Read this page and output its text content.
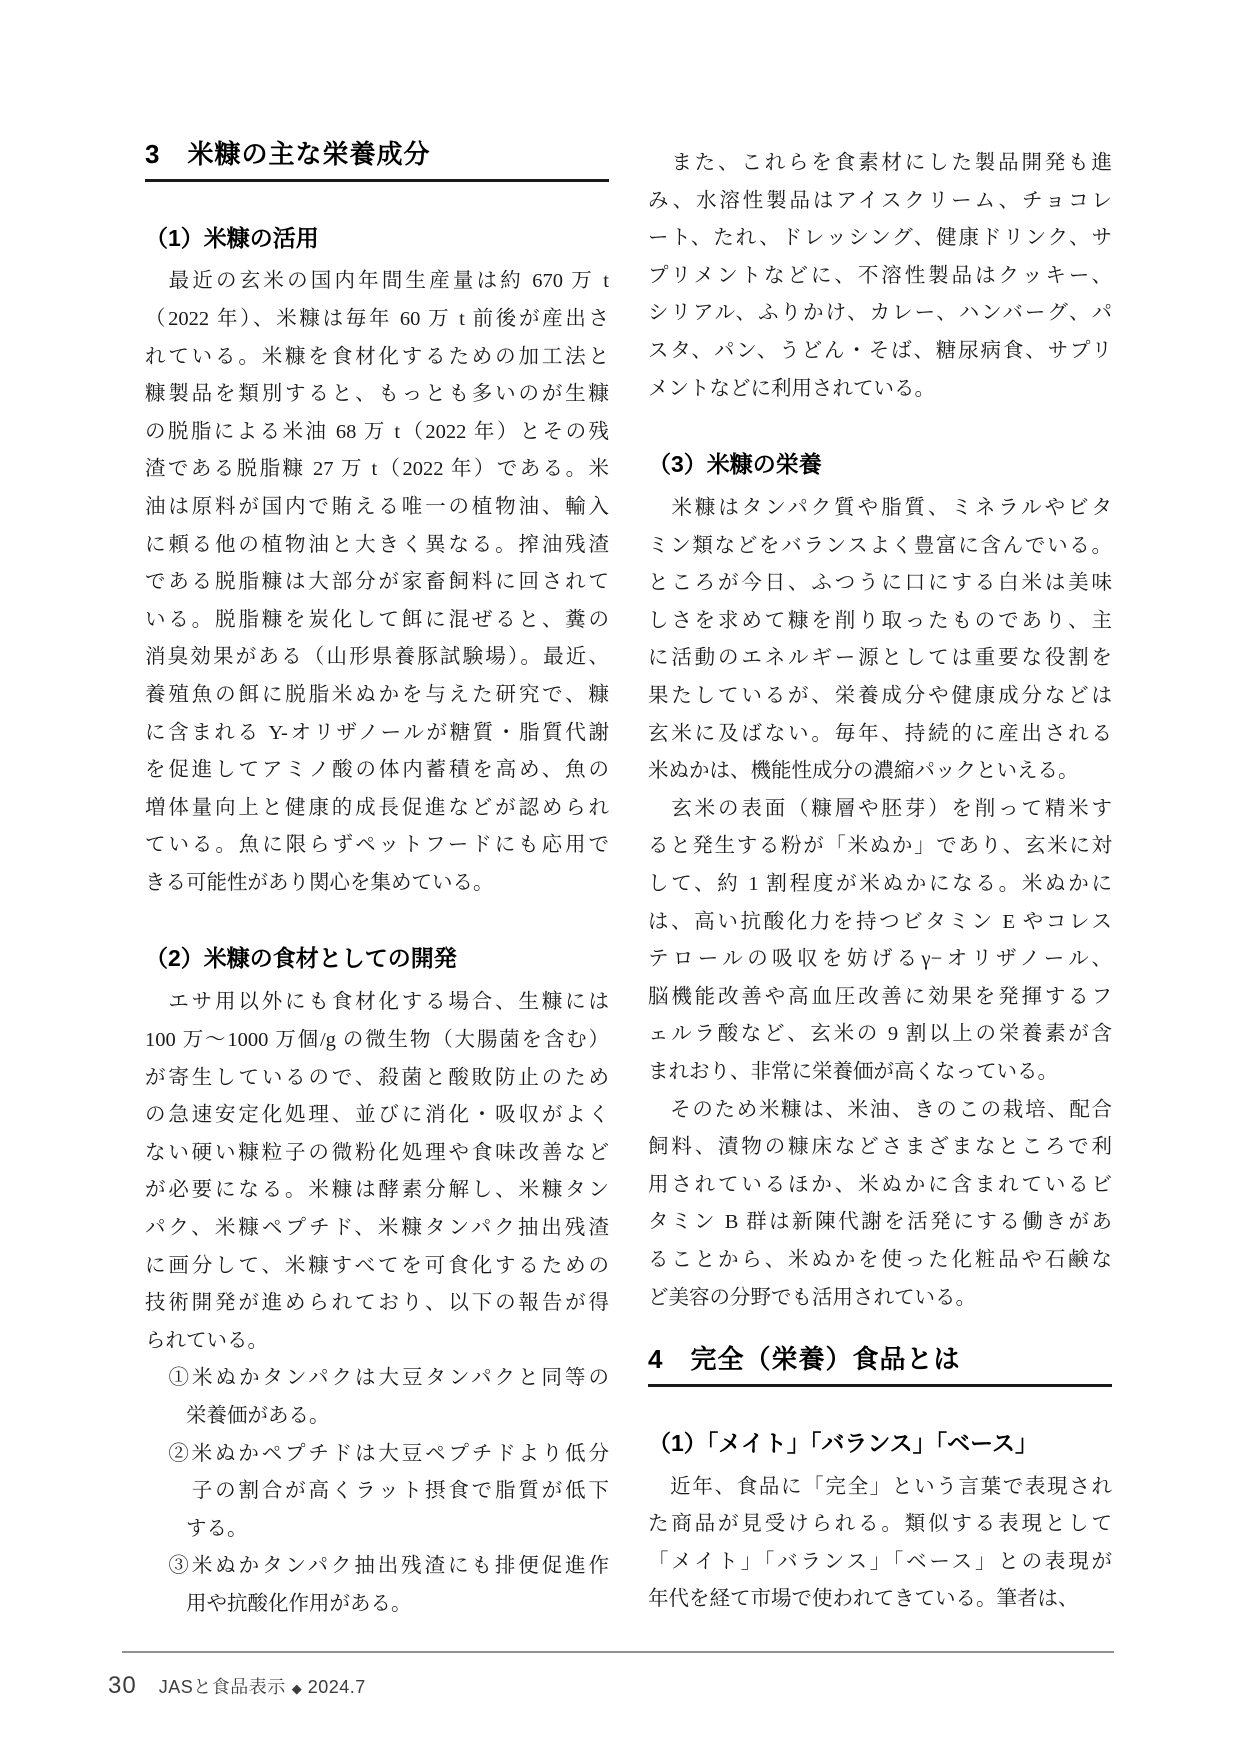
3　米糠の主な栄養成分
（1）米糠の活用
　最近の玄米の国内年間生産量は約 670 万 t
（2022 年）、米糠は毎年 60 万 t 前後が産出さ
れている。米糠を食材化するための加工法と
糠製品を類別すると、もっとも多いのが生糠
の脱脂による米油 68 万 t（2022 年）とその残
渣である脱脂糠 27 万 t（2022 年）である。米
油は原料が国内で賄える唯一の植物油、輸入
に頼る他の植物油と大きく異なる。搾油残渣
である脱脂糠は大部分が家畜飼料に回されて
いる。脱脂糠を炭化して餌に混ぜると、糞の
消臭効果がある（山形県養豚試験場）。最近、
養殖魚の餌に脱脂米ぬかを与えた研究で、糠
に含まれる Y-オリザノールが糖質・脂質代謝
を促進してアミノ酸の体内蓄積を高め、魚の
増体量向上と健康的成長促進などが認められ
ている。魚に限らずペットフードにも応用で
きる可能性があり関心を集めている。
（2）米糠の食材としての開発
　エサ用以外にも食材化する場合、生糠には
100 万〜1000 万個/g の微生物（大腸菌を含む）
が寄生しているので、殺菌と酸敗防止のため
の急速安定化処理、並びに消化・吸収がよく
ない硬い糠粒子の微粉化処理や食味改善など
が必要になる。米糠は酵素分解し、米糠タン
パク、米糠ペプチド、米糠タンパク抽出残渣
に画分して、米糠すべてを可食化するための
技術開発が進められており、以下の報告が得
られている。
　①米ぬかタンパクは大豆タンパクと同等の
　　栄養価がある。
　②米ぬかペプチドは大豆ペプチドより低分
　　子の割合が高くラット摂食で脂質が低下
　　する。
　③米ぬかタンパク抽出残渣にも排便促進作
　　用や抗酸化作用がある。
　また、これらを食素材にした製品開発も進
み、水溶性製品はアイスクリーム、チョコレ
ート、たれ、ドレッシング、健康ドリンク、サ
プリメントなどに、不溶性製品はクッキー、
シリアル、ふりかけ、カレー、ハンバーグ、パ
スタ、パン、うどん・そば、糖尿病食、サプリ
メントなどに利用されている。
（3）米糠の栄養
　米糠はタンパク質や脂質、ミネラルやビタ
ミン類などをバランスよく豊富に含んでいる。
ところが今日、ふつうに口にする白米は美味
しさを求めて糠を削り取ったものであり、主
に活動のエネルギー源としては重要な役割を
果たしているが、栄養成分や健康成分などは
玄米に及ばない。毎年、持続的に産出される
米ぬかは、機能性成分の濃縮パックといえる。
　玄米の表面（糠層や胚芽）を削って精米す
ると発生する粉が「米ぬか」であり、玄米に対
して、約 1 割程度が米ぬかになる。米ぬかに
は、高い抗酸化力を持つビタミン E やコレス
テロールの吸収を妨げるγ−オリザノール、
脳機能改善や高血圧改善に効果を発揮するフ
ェルラ酸など、玄米の 9 割以上の栄養素が含
まれおり、非常に栄養価が高くなっている。
　そのため米糠は、米油、きのこの栽培、配合
飼料、漬物の糠床などさまざまなところで利
用されているほか、米ぬかに含まれているビ
タミン B 群は新陳代謝を活発にする働きがあ
ることから、米ぬかを使った化粧品や石鹸な
ど美容の分野でも活用されている。
4　完全（栄養）食品とは
（1）「メイト」「バランス」「ベース」
　近年、食品に「完全」という言葉で表現され
た商品が見受けられる。類似する表現として
「メイト」「バランス」「ベース」との表現が
年代を経て市場で使われてきている。筆者は、
30 JASと食品表示 ◆ 2024.7
